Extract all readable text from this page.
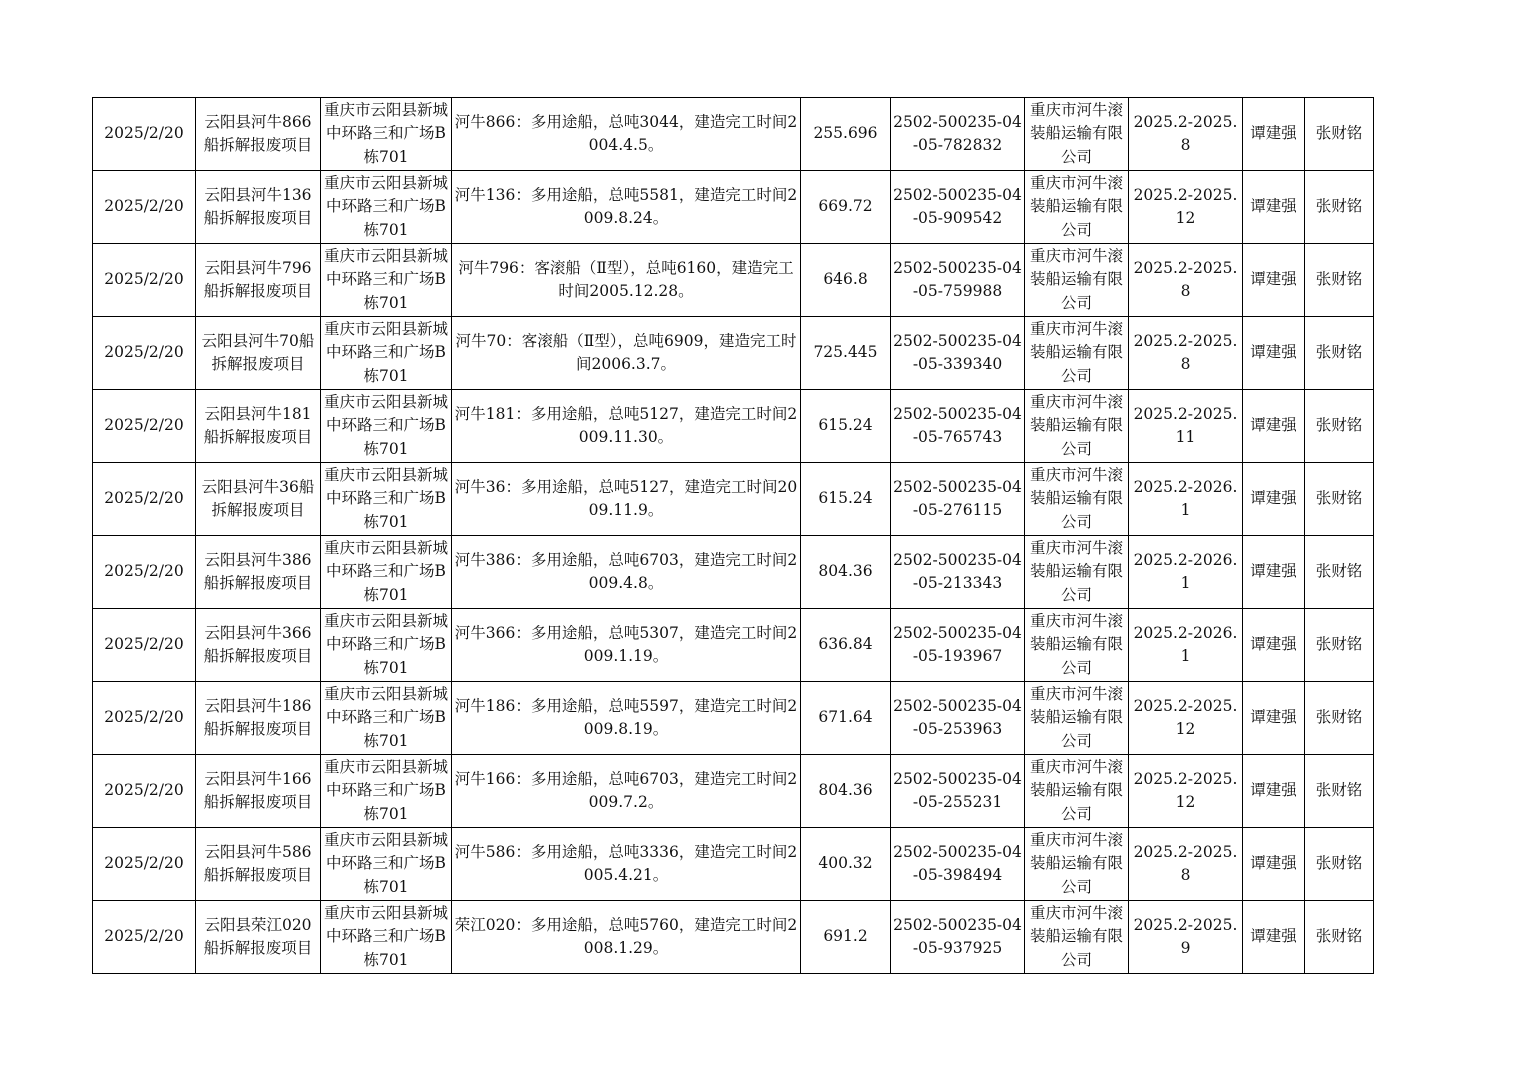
2025/2/20	云阳县河牛866船拆解报废项目	重庆市云阳县新城中环路三和广场B栋701	河牛866：多用途船，总吨3044，建造完工时间2004.4.5。	255.696	2502-500235-04-05-782832	重庆市河牛滚装船运输有限公司	2025.2-2025.8	谭建强	张财铭
2025/2/20	云阳县河牛136船拆解报废项目	重庆市云阳县新城中环路三和广场B栋701	河牛136：多用途船，总吨5581，建造完工时间2009.8.24。	669.72	2502-500235-04-05-909542	重庆市河牛滚装船运输有限公司	2025.2-2025.12	谭建强	张财铭
2025/2/20	云阳县河牛796船拆解报废项目	重庆市云阳县新城中环路三和广场B栋701	河牛796：客滚船（Ⅱ型），总吨6160，建造完工时间2005.12.28。	646.8	2502-500235-04-05-759988	重庆市河牛滚装船运输有限公司	2025.2-2025.8	谭建强	张财铭
2025/2/20	云阳县河牛70船拆解报废项目	重庆市云阳县新城中环路三和广场B栋701	河牛70：客滚船（Ⅱ型），总吨6909，建造完工时间2006.3.7。	725.445	2502-500235-04-05-339340	重庆市河牛滚装船运输有限公司	2025.2-2025.8	谭建强	张财铭
2025/2/20	云阳县河牛181船拆解报废项目	重庆市云阳县新城中环路三和广场B栋701	河牛181：多用途船，总吨5127，建造完工时间2009.11.30。	615.24	2502-500235-04-05-765743	重庆市河牛滚装船运输有限公司	2025.2-2025.11	谭建强	张财铭
2025/2/20	云阳县河牛36船拆解报废项目	重庆市云阳县新城中环路三和广场B栋701	河牛36：多用途船，总吨5127，建造完工时间2009.11.9。	615.24	2502-500235-04-05-276115	重庆市河牛滚装船运输有限公司	2025.2-2026.1	谭建强	张财铭
2025/2/20	云阳县河牛386船拆解报废项目	重庆市云阳县新城中环路三和广场B栋701	河牛386：多用途船，总吨6703，建造完工时间2009.4.8。	804.36	2502-500235-04-05-213343	重庆市河牛滚装船运输有限公司	2025.2-2026.1	谭建强	张财铭
2025/2/20	云阳县河牛366船拆解报废项目	重庆市云阳县新城中环路三和广场B栋701	河牛366：多用途船，总吨5307，建造完工时间2009.1.19。	636.84	2502-500235-04-05-193967	重庆市河牛滚装船运输有限公司	2025.2-2026.1	谭建强	张财铭
2025/2/20	云阳县河牛186船拆解报废项目	重庆市云阳县新城中环路三和广场B栋701	河牛186：多用途船，总吨5597，建造完工时间2009.8.19。	671.64	2502-500235-04-05-253963	重庆市河牛滚装船运输有限公司	2025.2-2025.12	谭建强	张财铭
2025/2/20	云阳县河牛166船拆解报废项目	重庆市云阳县新城中环路三和广场B栋701	河牛166：多用途船，总吨6703，建造完工时间2009.7.2。	804.36	2502-500235-04-05-255231	重庆市河牛滚装船运输有限公司	2025.2-2025.12	谭建强	张财铭
2025/2/20	云阳县河牛586船拆解报废项目	重庆市云阳县新城中环路三和广场B栋701	河牛586：多用途船，总吨3336，建造完工时间2005.4.21。	400.32	2502-500235-04-05-398494	重庆市河牛滚装船运输有限公司	2025.2-2025.8	谭建强	张财铭
2025/2/20	云阳县荣江020船拆解报废项目	重庆市云阳县新城中环路三和广场B栋701	荣江020：多用途船，总吨5760，建造完工时间2008.1.29。	691.2	2502-500235-04-05-937925	重庆市河牛滚装船运输有限公司	2025.2-2025.9	谭建强	张财铭
